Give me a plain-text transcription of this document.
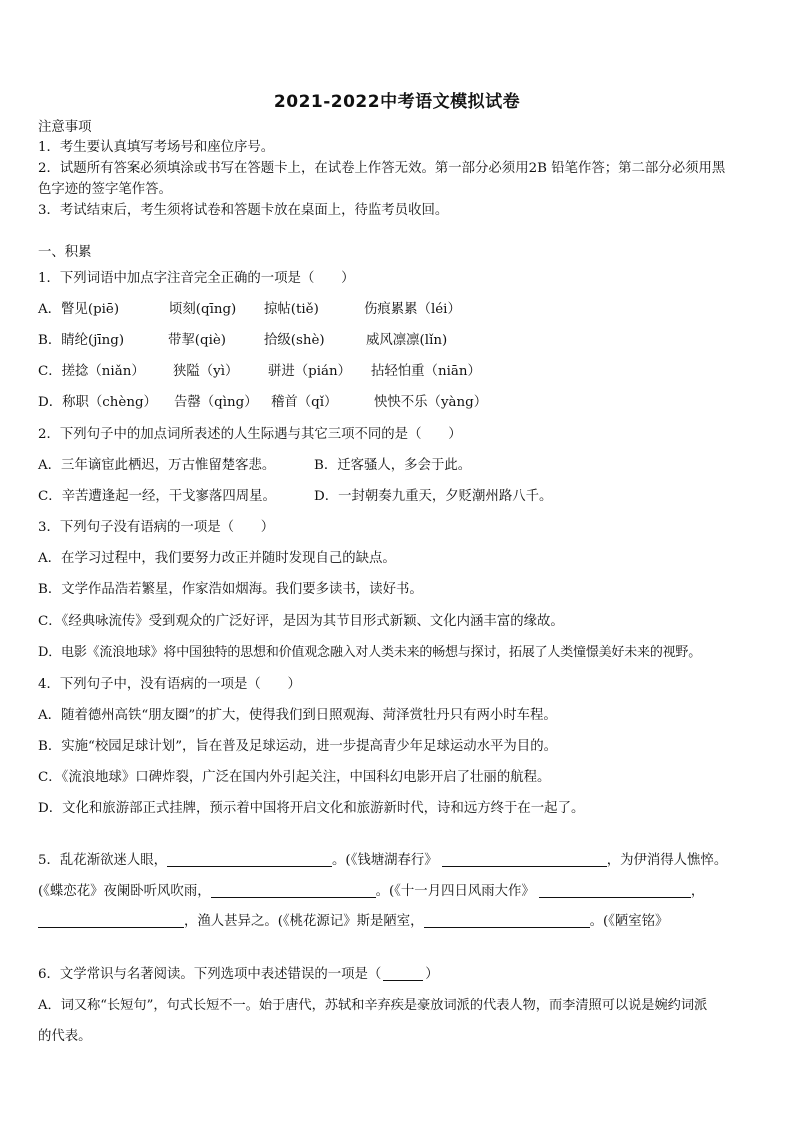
2021-2022中考语文模拟试卷
注意事项
1．考生要认真填写考场号和座位序号。
2．试题所有答案必须填涂或书写在答题卡上，在试卷上作答无效。第一部分必须用2B 铅笔作答；第二部分必须用黑
色字迹的签字笔作答。
3．考试结束后，考生须将试卷和答题卡放在桌面上，待监考员收回。
一、积累
1．下列词语中加点字注音完全正确的一项是（　　）
A．瞥见(piē)	顷刻(qīng) 掠帖(tiě)	伤痕累累（léi）
B．睛纶(jīng)	带挈(qiè)	拾级(shè)	威风凛凛(lǐn)
C．搓捻（niǎn） 狭隘（yì） 骈进（pián） 拈轻怕重（niān）
D．称职（chèng） 告罄（qìng） 稽首（qǐ）	怏怏不乐（yàng）
2．下列句子中的加点词所表述的人生际遇与其它三项不同的是（　　）
A．三年谪宦此栖迟，万古惟留楚客悲。	B．迁客骚人，多会于此。
C．辛苦遭逢起一经，干戈寥落四周星。	D．一封朝奏九重天，夕贬潮州路八千。
3．下列句子没有语病的一项是（　　）
A．在学习过程中，我们要努力改正并随时发现自己的缺点。
B．文学作品浩若繁星，作家浩如烟海。我们要多读书，读好书。
C．《经典咏流传》受到观众的广泛好评，是因为其节目形式新颖、文化内涵丰富的缘故。
D．电影《流浪地球》将中国独特的思想和价值观念融入对人类未来的畅想与探讨，拓展了人类憧憬美好未来的视野。
4．下列句子中，没有语病的一项是（　　）
A．随着德州高铁“朋友圈”的扩大，使得我们到日照观海、菏泽赏牡丹只有两小时车程。
B．实施“校园足球计划”，旨在普及足球运动，进一步提高青少年足球运动水平为目的。
C．《流浪地球》口碑炸裂，广泛在国内外引起关注，中国科幻电影开启了壮丽的航程。
D．文化和旅游部正式挂牌，预示着中国将开启文化和旅游新时代，诗和远方终于在一起了。
5．乱花渐欲迷人眼，	。(《钱塘湖春行》	，为伊消得人憔悴。
(《蝶恋花》夜阑卧听风吹雨，	。(《十一月四日风雨大作》	，
，渔人甚异之。(《桃花源记》斯是陋室，	。(《陋室铭》
6．文学常识与名著阅读。下列选项中表述错误的一项是（	）
A．词又称“长短句”，句式长短不一。始于唐代，苏轼和辛弃疾是豪放词派的代表人物，而李清照可以说是婉约词派
的代表。
